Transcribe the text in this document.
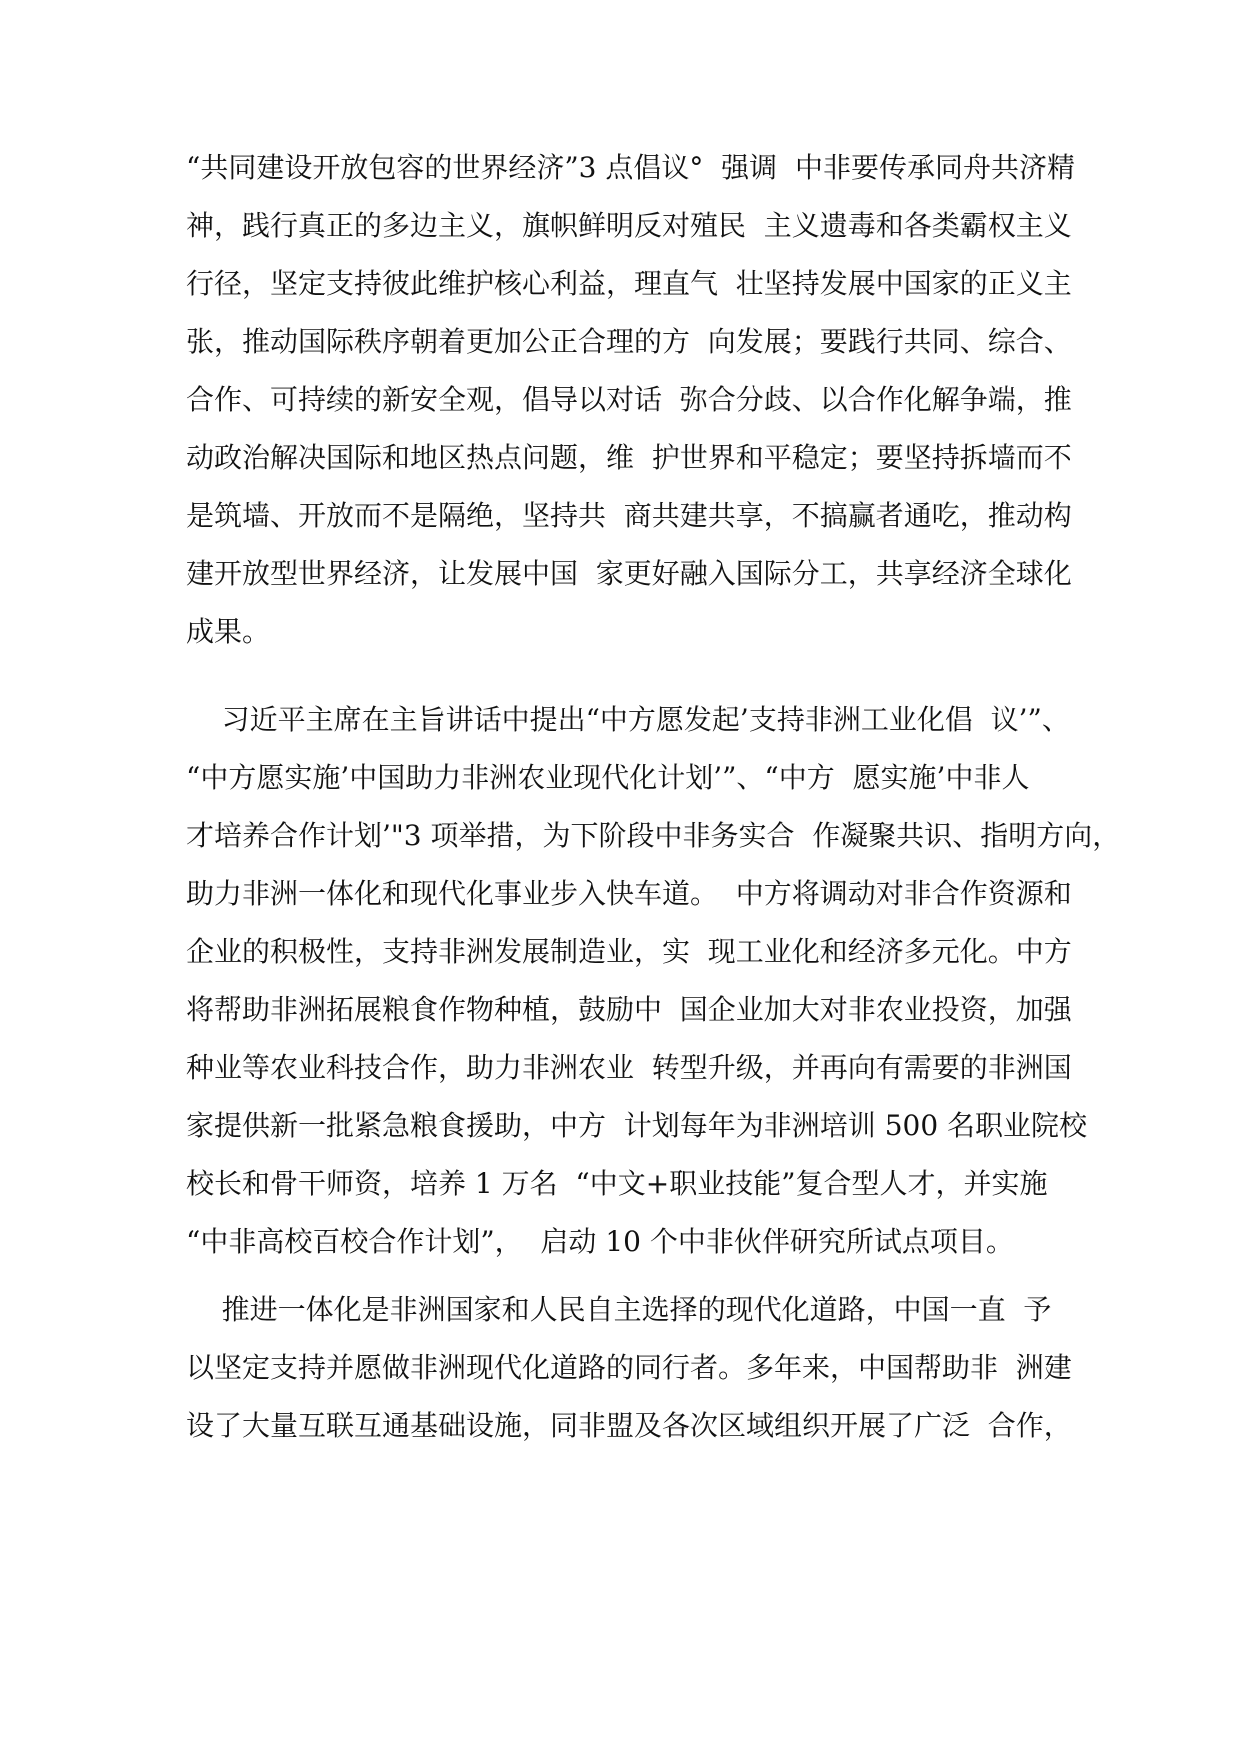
“共同建设开放包容的世界经济”3 点倡议°  强调  中非要传承同舟共济精
神，践行真正的多边主义，旗帜鲜明反对殖民  主义遗毒和各类霸权主义
行径，坚定支持彼此维护核心利益，理直气  壮坚持发展中国家的正义主
张，推动国际秩序朝着更加公正合理的方  向发展；要践行共同、综合、
合作、可持续的新安全观，倡导以对话  弥合分歧、以合作化解争端，推
动政治解决国际和地区热点问题，维  护世界和平稳定；要坚持拆墙而不
是筑墙、开放而不是隔绝，坚持共  商共建共享，不搞赢者通吃，推动构
建开放型世界经济，让发展中国  家更好融入国际分工，共享经济全球化
成果。
习近平主席在主旨讲话中提出“中方愿发起’支持非洲工业化倡  议’”、
“中方愿实施’中国助力非洲农业现代化计划’”、“中方  愿实施’中非人
才培养合作计划’"3 项举措，为下阶段中非务实合  作凝聚共识、指明方向，
助力非洲一体化和现代化事业步入快车道。  中方将调动对非合作资源和
企业的积极性，支持非洲发展制造业，实  现工业化和经济多元化。中方
将帮助非洲拓展粮食作物种植，鼓励中  国企业加大对非农业投资，加强
种业等农业科技合作，助力非洲农业  转型升级，并再向有需要的非洲国
家提供新一批紧急粮食援助，中方  计划每年为非洲培训 500 名职业院校
校长和骨干师资，培养 1 万名  “中文+职业技能”复合型人才，并实施
“中非高校百校合作计划”，  启动 10 个中非伙伴研究所试点项目。
推进一体化是非洲国家和人民自主选择的现代化道路，中国一直  予
以坚定支持并愿做非洲现代化道路的同行者。多年来，中国帮助非  洲建
设了大量互联互通基础设施，同非盟及各次区域组织开展了广泛  合作，
